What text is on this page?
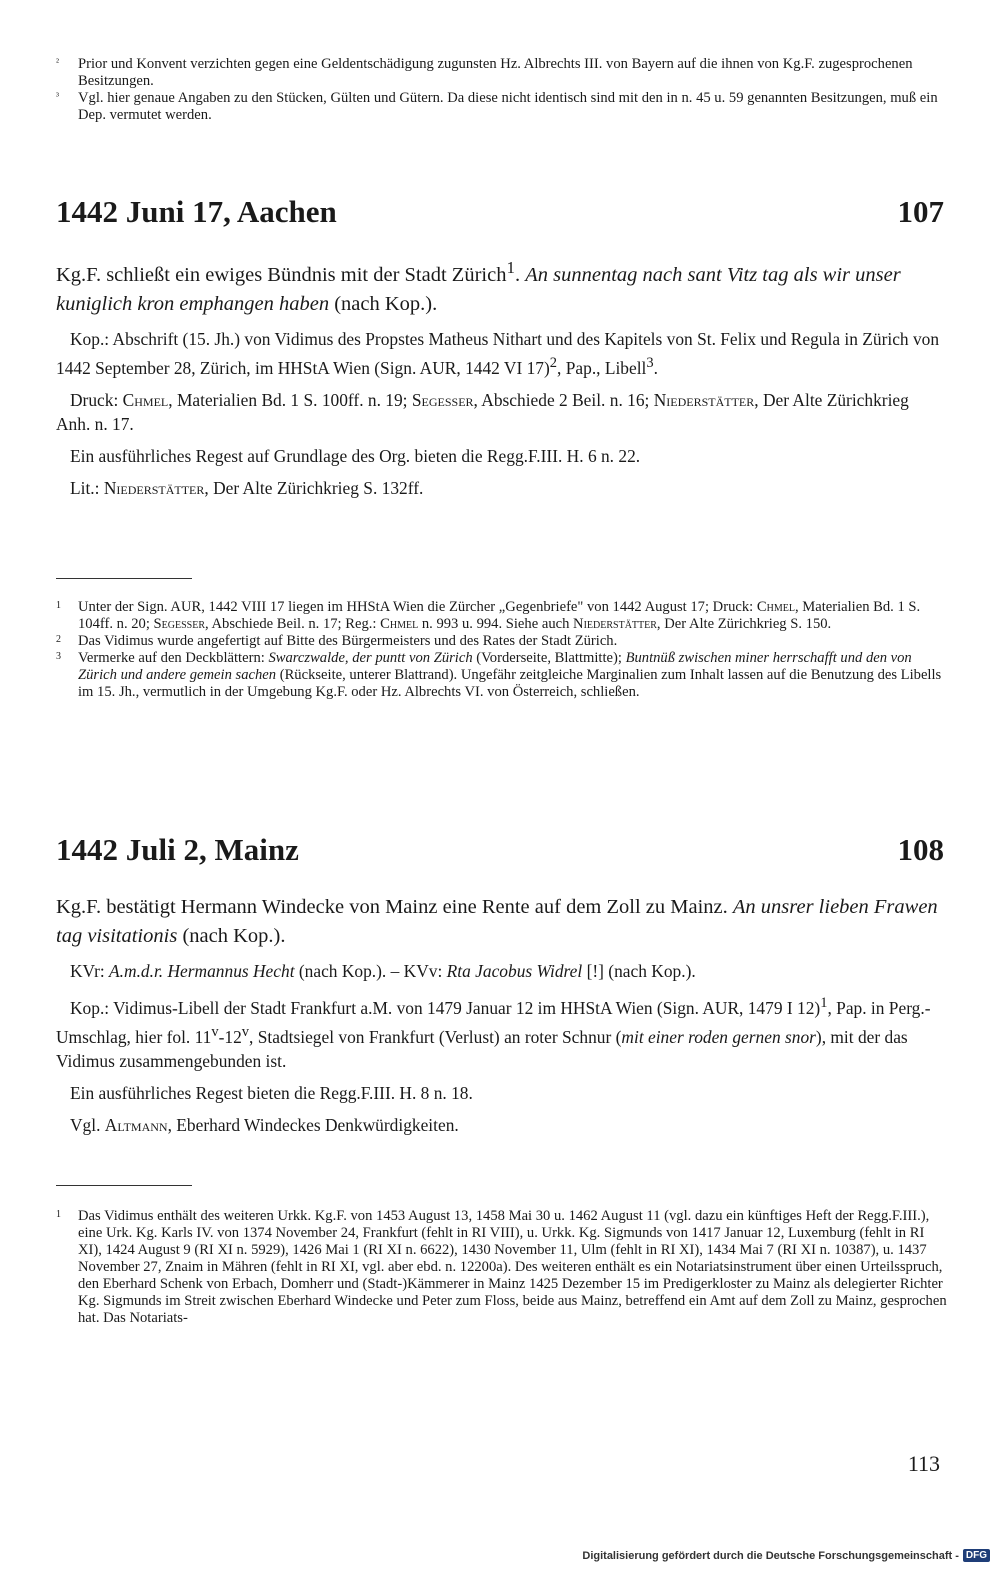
² Prior und Konvent verzichten gegen eine Geldentschädigung zugunsten Hz. Albrechts III. von Bayern auf die ihnen von Kg.F. zugesprochenen Besitzungen.

³ Vgl. hier genaue Angaben zu den Stücken, Gülten und Gütern. Da diese nicht identisch sind mit den in n. 45 u. 59 genannten Besitzungen, muß ein Dep. vermutet werden.

1442 Juni 17, Aachen	107

Kg.F. schließt ein ewiges Bündnis mit der Stadt Zürich$^1$. An sunnentag nach sant Vitz tag als wir unser kuniglich kron emphangen haben (nach Kop.).

Kop.: Abschrift (15. Jh.) von Vidimus des Propstes Matheus Nithart und des Kapitels von St. Felix und Regula in Zürich von 1442 September 28, Zürich, im HHStA Wien (Sign. AUR, 1442 VI 17)$^2$, Pap., Libell$^3$.

Druck: Chmel, Materialien Bd. 1 S. 100ff. n. 19; Segesser, Abschiede 2 Beil. n. 16; Niederstätter, Der Alte Zürichkrieg Anh. n. 17.

Ein ausführliches Regest auf Grundlage des Org. bieten die Regg.F.III. H. 6 n. 22.

Lit.: Niederstätter, Der Alte Zürichkrieg S. 132ff.

1 Unter der Sign. AUR, 1442 VIII 17 liegen im HHStA Wien die Zürcher „Gegenbriefe" von 1442 August 17; Druck: Chmel, Materialien Bd. 1 S. 104ff. n. 20; Segesser, Abschiede Beil. n. 17; Reg.: Chmel n. 993 u. 994. Siehe auch Niederstätter, Der Alte Zürichkrieg S. 150.

2 Das Vidimus wurde angefertigt auf Bitte des Bürgermeisters und des Rates der Stadt Zürich.

3 Vermerke auf den Deckblättern: Swarczwalde, der puntt von Zürich (Vorderseite, Blattmitte); Buntnüß zwischen miner herrschafft und den von Zürich und andere gemein sachen (Rückseite, unterer Blattrand). Ungefähr zeitgleiche Marginalien zum Inhalt lassen auf die Benutzung des Libells im 15. Jh., vermutlich in der Umgebung Kg.F. oder Hz. Albrechts VI. von Österreich, schließen.

1442 Juli 2, Mainz	108

Kg.F. bestätigt Hermann Windecke von Mainz eine Rente auf dem Zoll zu Mainz. An unsrer lieben Frawen tag visitationis (nach Kop.).

KVr: A.m.d.r. Hermannus Hecht (nach Kop.). – KVv: Rta Jacobus Widrel [!] (nach Kop.).

Kop.: Vidimus-Libell der Stadt Frankfurt a.M. von 1479 Januar 12 im HHStA Wien (Sign. AUR, 1479 I 12)$^1$, Pap. in Perg.-Umschlag, hier fol. 11$^v$-12$^v$, Stadtsiegel von Frankfurt (Verlust) an roter Schnur (mit einer roden gernen snor), mit der das Vidimus zusammengebunden ist.

Ein ausführliches Regest bieten die Regg.F.III. H. 8 n. 18.

Vgl. Altmann, Eberhard Windeckes Denkwürdigkeiten.

1 Das Vidimus enthält des weiteren Urkk. Kg.F. von 1453 August 13, 1458 Mai 30 u. 1462 August 11 (vgl. dazu ein künftiges Heft der Regg.F.III.), eine Urk. Kg. Karls IV. von 1374 November 24, Frankfurt (fehlt in RI VIII), u. Urkk. Kg. Sigmunds von 1417 Januar 12, Luxemburg (fehlt in RI XI), 1424 August 9 (RI XI n. 5929), 1426 Mai 1 (RI XI n. 6622), 1430 November 11, Ulm (fehlt in RI XI), 1434 Mai 7 (RI XI n. 10387), u. 1437 November 27, Znaim in Mähren (fehlt in RI XI, vgl. aber ebd. n. 12200a). Des weiteren enthält es ein Notariatsinstrument über einen Urteilsspruch, den Eberhard Schenk von Erbach, Domherr und (Stadt-)Kämmerer in Mainz 1425 Dezember 15 im Predigerkloster zu Mainz als delegierter Richter Kg. Sigmunds im Streit zwischen Eberhard Windecke und Peter zum Floss, beide aus Mainz, betreffend ein Amt auf dem Zoll zu Mainz, gesprochen hat. Das Notariats-

113
Digitalisierung gefördert durch die Deutsche Forschungsgemeinschaft - DFG
